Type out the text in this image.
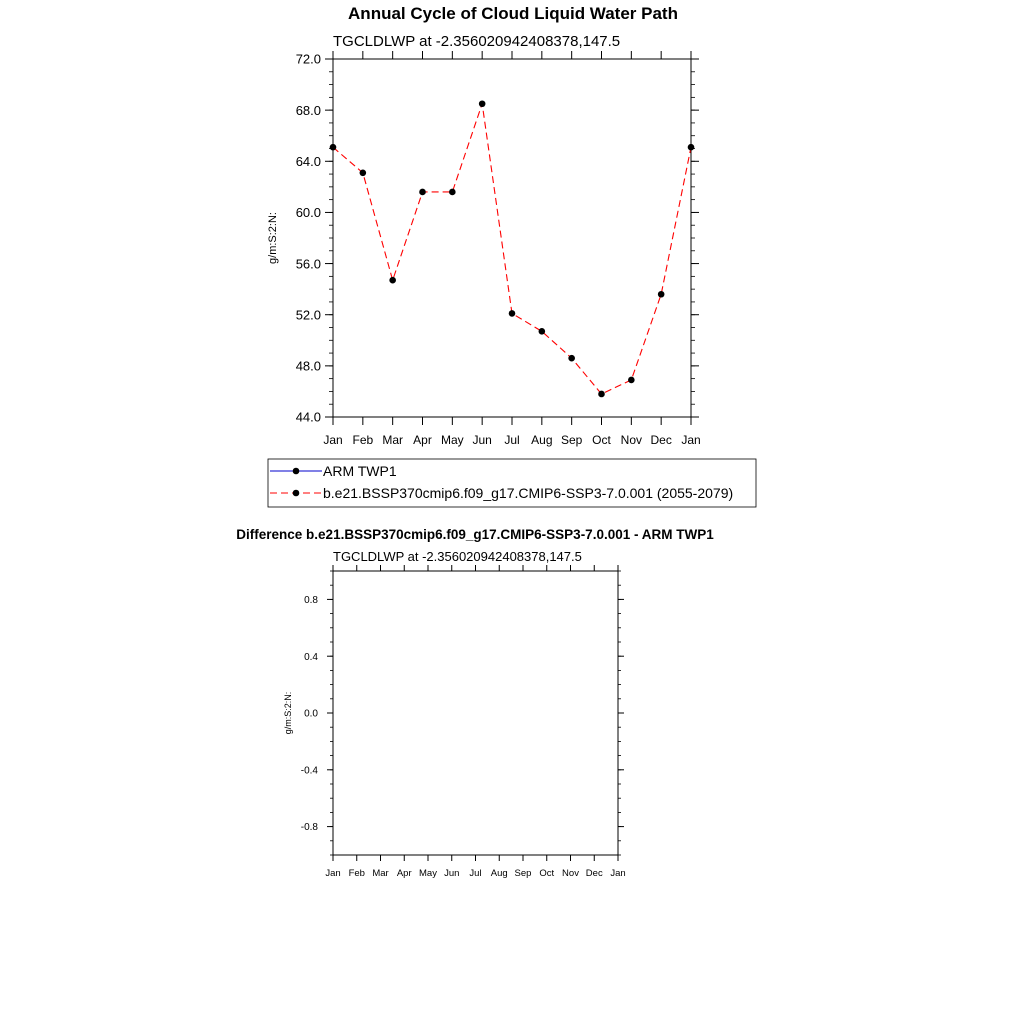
Annual Cycle of Cloud Liquid Water Path
TGCLDLWP at -2.356020942408378,147.5
g/m:S:2:N:
44.0
48.0
52.0
56.0
60.0
64.0
68.0
72.0
Jan Feb Mar Apr May Jun Jul Aug Sep Oct Nov Dec Jan
ARM TWP1
b.e21.BSSP370cmip6.f09_g17.CMIP6-SSP3-7.0.001 (2055-2079)
Difference b.e21.BSSP370cmip6.f09_g17.CMIP6-SSP3-7.0.001 - ARM TWP1
TGCLDLWP at -2.356020942408378,147.5
g/m:S:2:N:
-0.8
-0.4
0.0
0.4
0.8
Jan Feb Mar Apr May Jun Jul Aug Sep Oct Nov Dec Jan
